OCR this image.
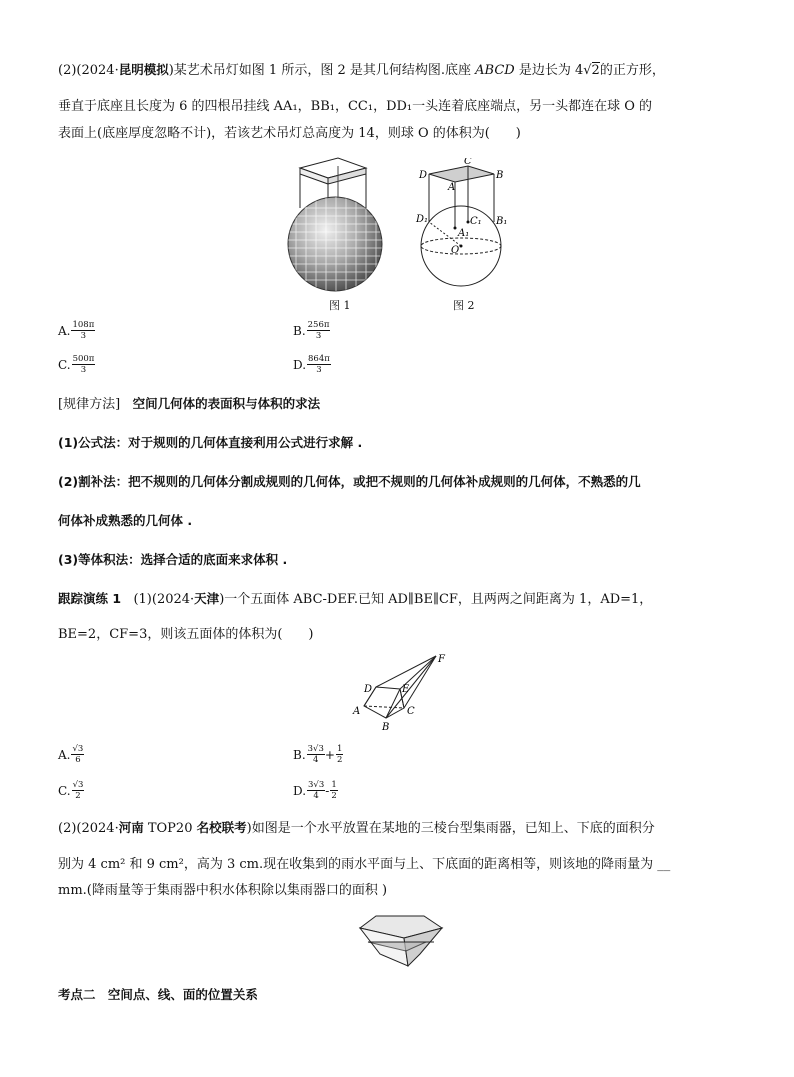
(2)(2024·昆明模拟)某艺术吊灯如图 1 所示，图 2 是其几何结构图.底座 ABCD 是边长为 4√2的正方形，
垂直于底座且长度为 6 的四根吊挂线 AA₁，BB₁，CC₁，DD₁一头连着底座端点，另一头都连在球 O 的
表面上(底座厚度忽略不计)，若该艺术吊灯总高度为 14，则球 O 的体积为(　　)
图 1
D
C
B
A
D₁	C₁ B₁
A₁
O
图 2
A. $\frac{108\pi}{3}$	B. $\frac{256\pi}{3}$
C. $\frac{500\pi}{3}$	D. $\frac{864\pi}{3}$
[规律方法] 空间几何体的表面积与体积的求法
(1)公式法：对于规则的几何体直接利用公式进行求解 .
(2)割补法：把不规则的几何体分割成规则的几何体，或把不规则的几何体补成规则的几何体，不熟悉的几
何体补成熟悉的几何体 .
(3)等体积法：选择合适的底面来求体积 .
跟踪演练 1 (1)(2024·天津)一个五面体 ABC-DEF.已知 AD∥BE∥CF，且两两之间距离为 1，AD=1，
BE=2，CF=3，则该五面体的体积为(　　)
F
D	E
A	C
B
A. $\frac{√3}{6}$	B. $\frac{3√3}{4} + \frac{1}{2}$
C. $\frac{√3}{2}$	D. $\frac{3√3}{4} - \frac{1}{2}$
(2)(2024·河南 TOP20 名校联考)如图是一个水平放置在某地的三棱台型集雨器，已知上、下底的面积分
别为 4 cm² 和 9 cm²，高为 3 cm.现在收集到的雨水平面与上、下底面的距离相等，则该地的降雨量为 __
mm.(降雨量等于集雨器中积水体积除以集雨器口的面积 )
考点二 空间点、线、面的位置关系
